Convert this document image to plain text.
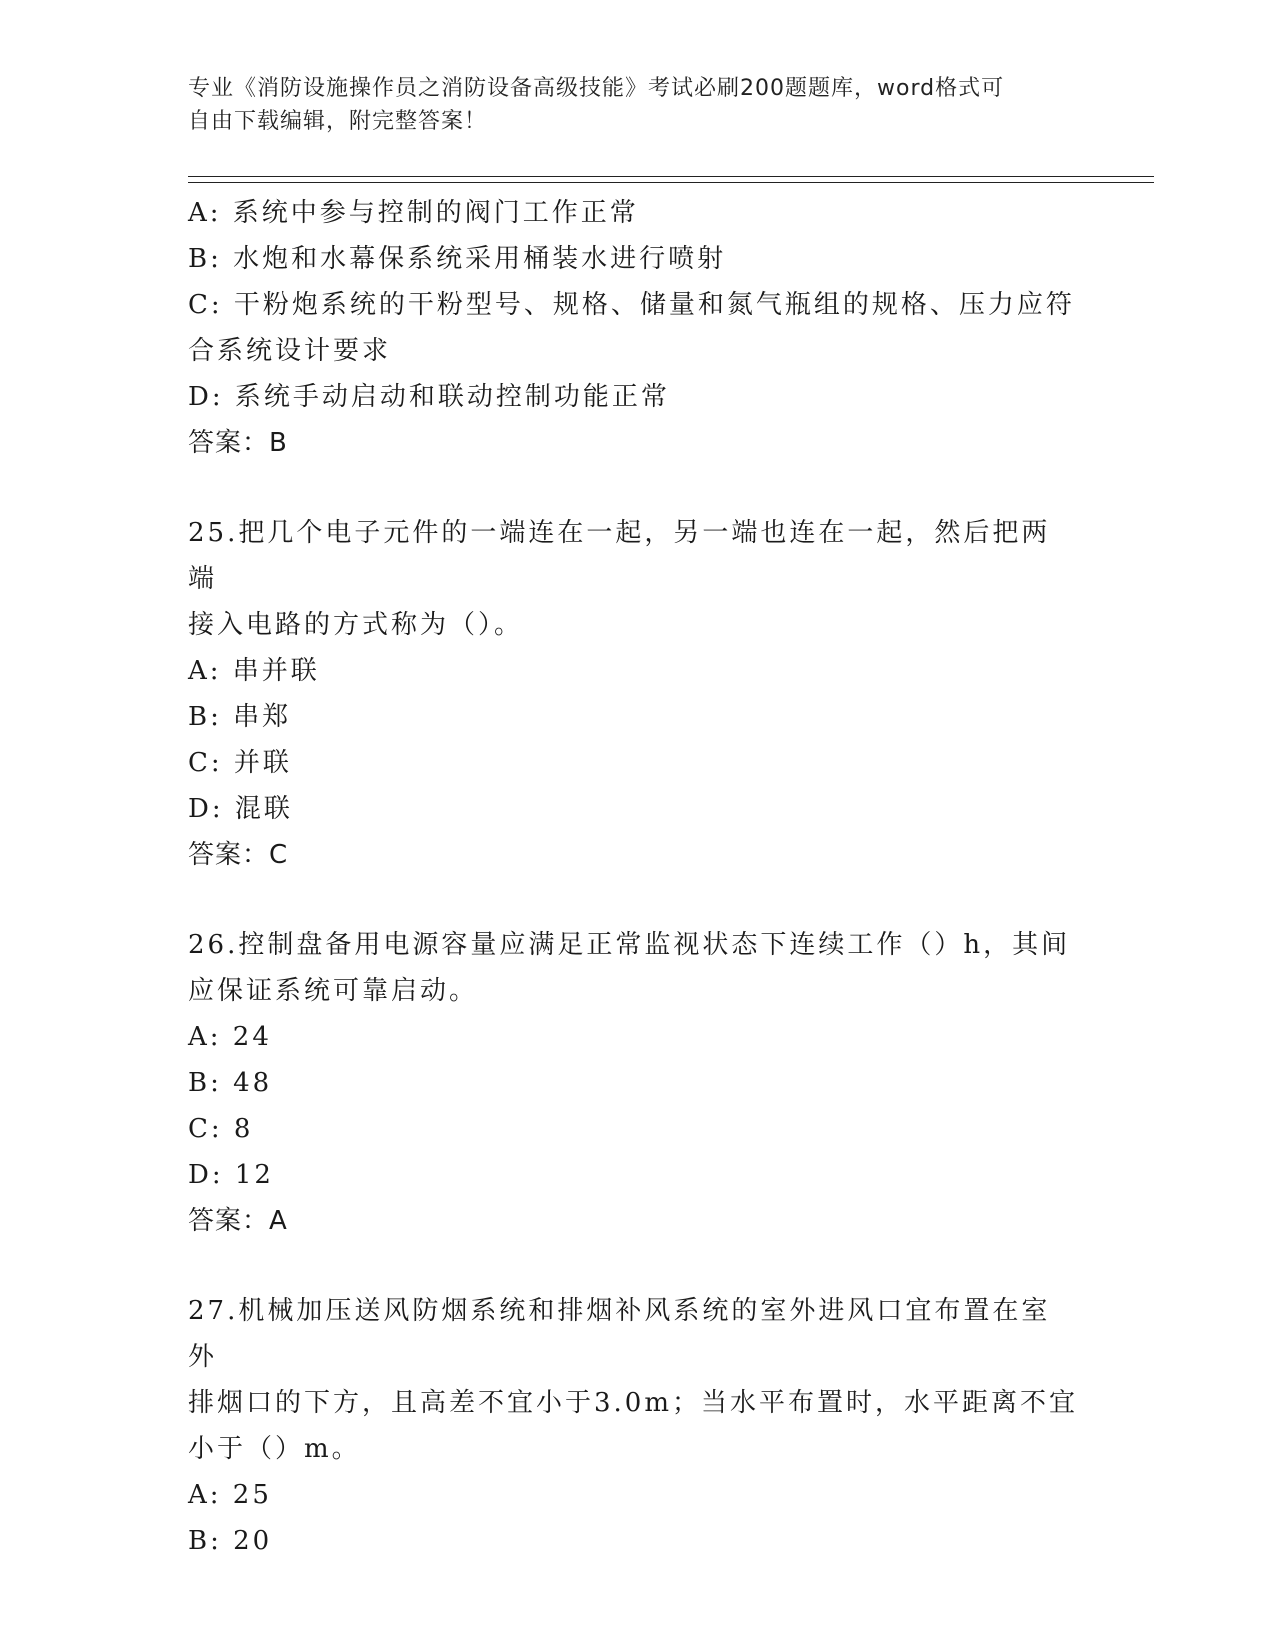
专业《消防设施操作员之消防设备高级技能》考试必刷200题题库，word格式可
自由下载编辑，附完整答案！

A: 系统中参与控制的阀门工作正常

B: 水炮和水幕保系统采用桶装水进行喷射

C: 干粉炮系统的干粉型号、规格、储量和氮气瓶组的规格、压力应符

合系统设计要求

D: 系统手动启动和联动控制功能正常

答案：B

25.把几个电子元件的一端连在一起，另一端也连在一起，然后把两端

接入电路的方式称为（）。

A: 串并联

B: 串郑

C: 并联

D: 混联

答案：C

26.控制盘备用电源容量应满足正常监视状态下连续工作（）h，其间

应保证系统可靠启动。

A: 24

B: 48

C: 8

D: 12

答案：A

27.机械加压送风防烟系统和排烟补风系统的室外进风口宜布置在室外

排烟口的下方，且高差不宜小于3.0m；当水平布置时，水平距离不宜

小于（）m。

A: 25

B: 20
